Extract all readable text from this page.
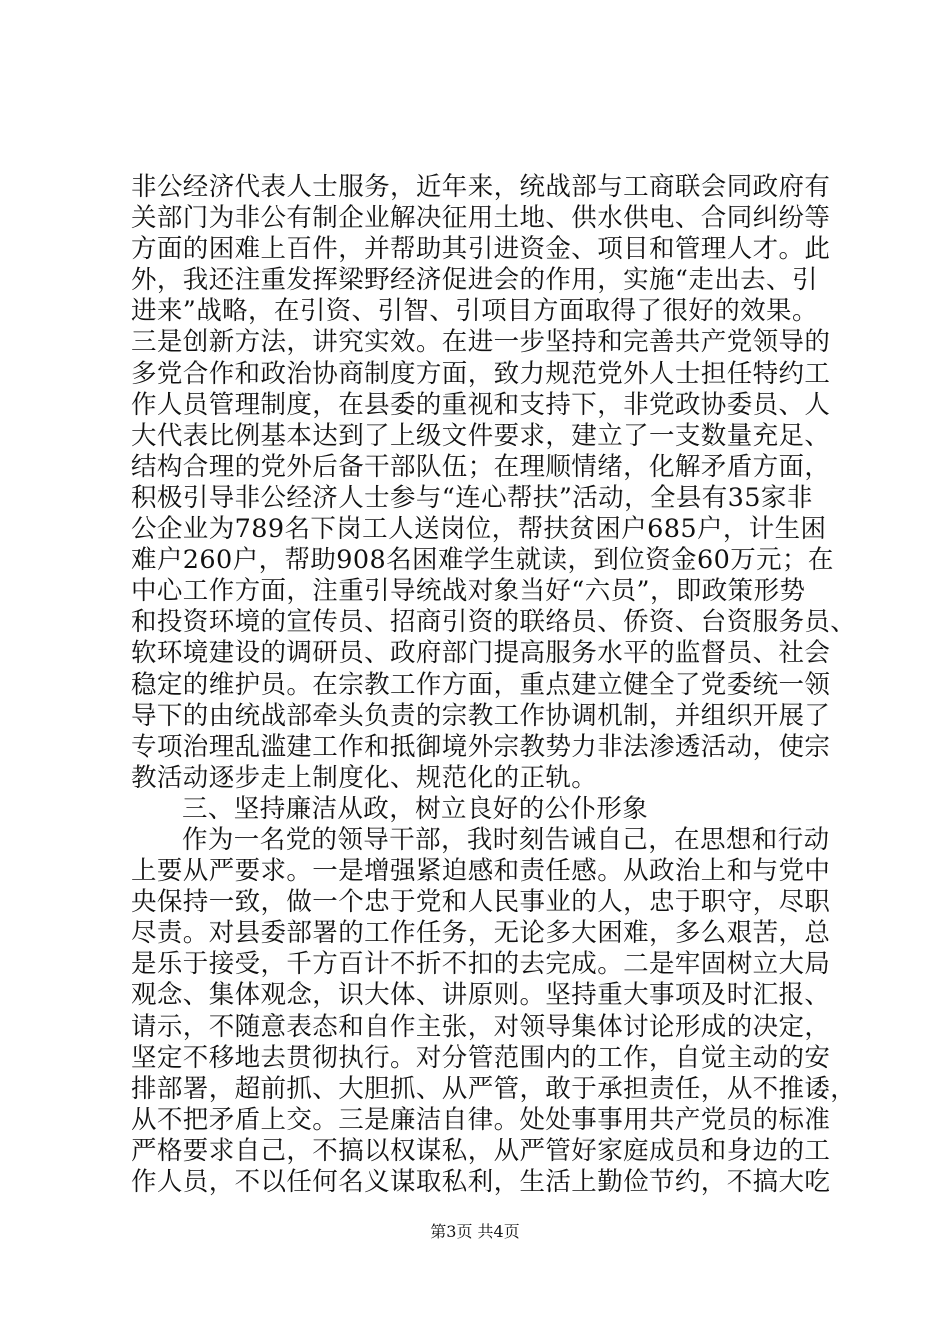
非公经济代表人士服务，近年来，统战部与工商联会同政府有
关部门为非公有制企业解决征用土地、供水供电、合同纠纷等
方面的困难上百件，并帮助其引进资金、项目和管理人才。此
外，我还注重发挥梁野经济促进会的作用，实施“走出去、引
进来”战略，在引资、引智、引项目方面取得了很好的效果。
三是创新方法，讲究实效。在进一步坚持和完善共产党领导的
多党合作和政治协商制度方面，致力规范党外人士担任特约工
作人员管理制度，在县委的重视和支持下，非党政协委员、人
大代表比例基本达到了上级文件要求，建立了一支数量充足、
结构合理的党外后备干部队伍；在理顺情绪，化解矛盾方面，
积极引导非公经济人士参与“连心帮扶”活动，全县有35家非
公企业为789名下岗工人送岗位，帮扶贫困户685户，计生困
难户260户，帮助908名困难学生就读，到位资金60万元；在
中心工作方面，注重引导统战对象当好“六员”，即政策形势
和投资环境的宣传员、招商引资的联络员、侨资、台资服务员、
软环境建设的调研员、政府部门提高服务水平的监督员、社会
稳定的维护员。在宗教工作方面，重点建立健全了党委统一领
导下的由统战部牵头负责的宗教工作协调机制，并组织开展了
专项治理乱滥建工作和抵御境外宗教势力非法渗透活动，使宗
教活动逐步走上制度化、规范化的正轨。
三、坚持廉洁从政，树立良好的公仆形象
作为一名党的领导干部，我时刻告诫自己，在思想和行动
上要从严要求。一是增强紧迫感和责任感。从政治上和与党中
央保持一致，做一个忠于党和人民事业的人，忠于职守，尽职
尽责。对县委部署的工作任务，无论多大困难，多么艰苦，总
是乐于接受，千方百计不折不扣的去完成。二是牢固树立大局
观念、集体观念，识大体、讲原则。坚持重大事项及时汇报、
请示，不随意表态和自作主张，对领导集体讨论形成的决定，
坚定不移地去贯彻执行。对分管范围内的工作，自觉主动的安
排部署，超前抓、大胆抓、从严管，敢于承担责任，从不推诿，
从不把矛盾上交。三是廉洁自律。处处事事用共产党员的标准
严格要求自己，不搞以权谋私，从严管好家庭成员和身边的工
作人员，不以任何名义谋取私利，生活上勤俭节约，不搞大吃
第3页 共4页
